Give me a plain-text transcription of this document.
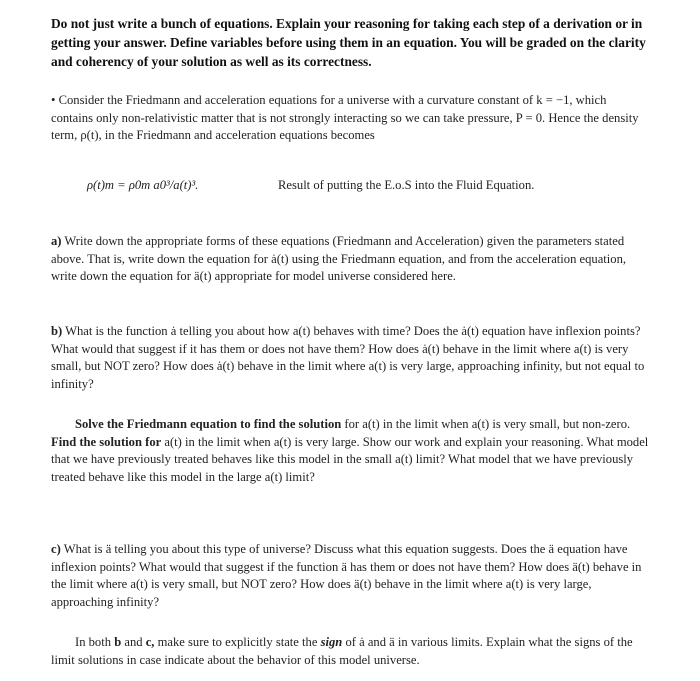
Do not just write a bunch of equations. Explain your reasoning for taking each step of a derivation or in getting your answer. Define variables before using them in an equation. You will be graded on the clarity and coherency of your solution as well as its correctness.

• Consider the Friedmann and acceleration equations for a universe with a curvature constant of k = −1, which contains only non-relativistic matter that is not strongly interacting so we can take pressure, P = 0. Hence the density term, ρ(t), in the Friedmann and acceleration equations becomes

ρ(t)m = ρ0m a0³/a(t)³.	Result of putting the E.o.S into the Fluid Equation.

a) Write down the appropriate forms of these equations (Friedmann and Acceleration) given the parameters stated above. That is, write down the equation for ȧ(t) using the Friedmann equation, and from the acceleration equation, write down the equation for ä(t) appropriate for model universe considered here.

b) What is the function ȧ telling you about how a(t) behaves with time? Does the ȧ(t) equation have inflexion points? What would that suggest if it has them or does not have them? How does ȧ(t) behave in the limit where a(t) is very small, but NOT zero? How does ȧ(t) behave in the limit where a(t) is very large, approaching infinity, but not equal to infinity?

Solve the Friedmann equation to find the solution for a(t) in the limit when a(t) is very small, but non-zero. Find the solution for a(t) in the limit when a(t) is very large. Show our work and explain your reasoning. What model that we have previously treated behaves like this model in the small a(t) limit? What model that we have previously treated behave like this model in the large a(t) limit?

c) What is ä telling you about this type of universe? Discuss what this equation suggests. Does the ä equation have inflexion points? What would that suggest if the function ä has them or does not have them? How does ä(t) behave in the limit where a(t) is very small, but NOT zero? How does ä(t) behave in the limit where a(t) is very large, approaching infinity?

In both b and c, make sure to explicitly state the sign of ȧ and ä in various limits. Explain what the signs of the limit solutions in case indicate about the behavior of this model universe.
